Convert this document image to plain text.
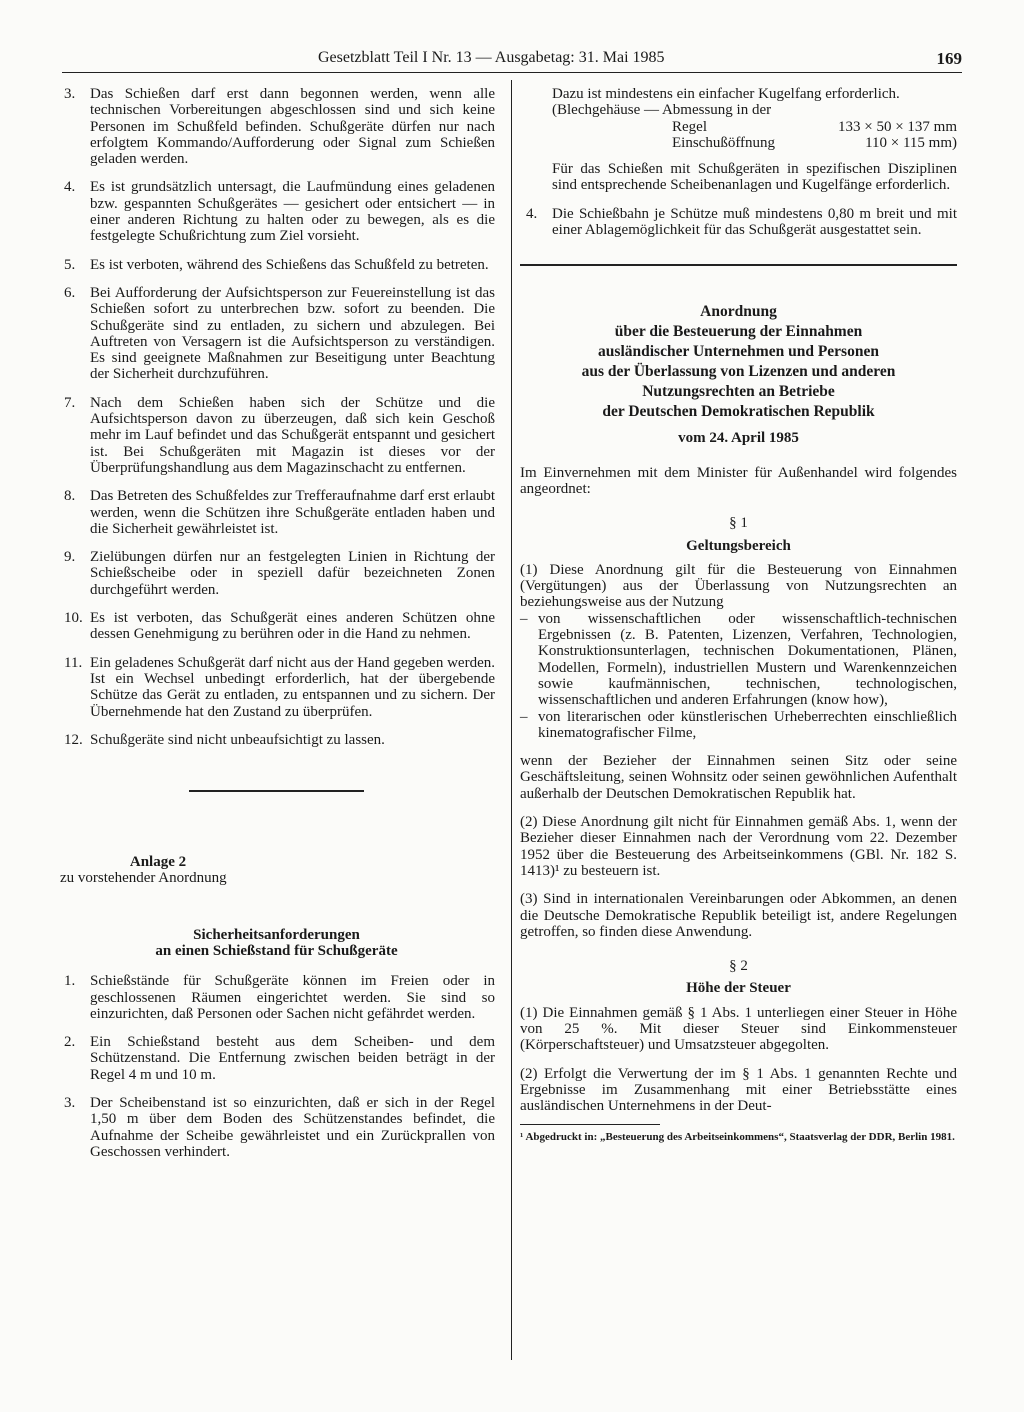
Gesetzblatt Teil I Nr. 13 — Ausgabetag: 31. Mai 1985	169
3. Das Schießen darf erst dann begonnen werden, wenn alle technischen Vorbereitungen abgeschlossen sind und sich keine Personen im Schußfeld befinden. Schußgeräte dürfen nur nach erfolgtem Kommando/Aufforderung oder Signal zum Schießen geladen werden.
4. Es ist grundsätzlich untersagt, die Laufmündung eines geladenen bzw. gespannten Schußgerätes — gesichert oder entsichert — in einer anderen Richtung zu halten oder zu bewegen, als es die festgelegte Schußrichtung zum Ziel vorsieht.
5. Es ist verboten, während des Schießens das Schußfeld zu betreten.
6. Bei Aufforderung der Aufsichtsperson zur Feuereinstellung ist das Schießen sofort zu unterbrechen bzw. sofort zu beenden. Die Schußgeräte sind zu entladen, zu sichern und abzulegen. Bei Auftreten von Versagern ist die Aufsichtsperson zu verständigen. Es sind geeignete Maßnahmen zur Beseitigung unter Beachtung der Sicherheit durchzuführen.
7. Nach dem Schießen haben sich der Schütze und die Aufsichtsperson davon zu überzeugen, daß sich kein Geschoß mehr im Lauf befindet und das Schußgerät entspannt und gesichert ist. Bei Schußgeräten mit Magazin ist dieses vor der Überprüfungshandlung aus dem Magazinschacht zu entfernen.
8. Das Betreten des Schußfeldes zur Trefferaufnahme darf erst erlaubt werden, wenn die Schützen ihre Schußgeräte entladen haben und die Sicherheit gewährleistet ist.
9. Zielübungen dürfen nur an festgelegten Linien in Richtung der Schießscheibe oder in speziell dafür bezeichneten Zonen durchgeführt werden.
10. Es ist verboten, das Schußgerät eines anderen Schützen ohne dessen Genehmigung zu berühren oder in die Hand zu nehmen.
11. Ein geladenes Schußgerät darf nicht aus der Hand gegeben werden. Ist ein Wechsel unbedingt erforderlich, hat der übergebende Schütze das Gerät zu entladen, zu entspannen und zu sichern. Der Übernehmende hat den Zustand zu überprüfen.
12. Schußgeräte sind nicht unbeaufsichtigt zu lassen.
Anlage 2
zu vorstehender Anordnung
Sicherheitsanforderungen
an einen Schießstand für Schußgeräte
1. Schießstände für Schußgeräte können im Freien oder in geschlossenen Räumen eingerichtet werden. Sie sind so einzurichten, daß Personen oder Sachen nicht gefährdet werden.
2. Ein Schießstand besteht aus dem Scheiben- und dem Schützenstand. Die Entfernung zwischen beiden beträgt in der Regel 4 m und 10 m.
3. Der Scheibenstand ist so einzurichten, daß er sich in der Regel 1,50 m über dem Boden des Schützenstandes befindet, die Aufnahme der Scheibe gewährleistet und ein Zurückprallen von Geschossen verhindert.
Dazu ist mindestens ein einfacher Kugelfang erforderlich.
(Blechgehäuse — Abmessung in der
Regel	133 × 50 × 137 mm
Einschußöffnung	110 × 115 mm)
Für das Schießen mit Schußgeräten in spezifischen Disziplinen sind entsprechende Scheibenanlagen und Kugelfänge erforderlich.
4. Die Schießbahn je Schütze muß mindestens 0,80 m breit und mit einer Ablagemöglichkeit für das Schußgerät ausgestattet sein.
Anordnung
über die Besteuerung der Einnahmen
ausländischer Unternehmen und Personen
aus der Überlassung von Lizenzen und anderen
Nutzungsrechten an Betriebe
der Deutschen Demokratischen Republik
vom 24. April 1985
Im Einvernehmen mit dem Minister für Außenhandel wird folgendes angeordnet:
§ 1
Geltungsbereich
(1) Diese Anordnung gilt für die Besteuerung von Einnahmen (Vergütungen) aus der Überlassung von Nutzungsrechten an beziehungsweise aus der Nutzung
– von wissenschaftlichen oder wissenschaftlich-technischen Ergebnissen (z. B. Patenten, Lizenzen, Verfahren, Technologien, Konstruktionsunterlagen, technischen Dokumentationen, Plänen, Modellen, Formeln), industriellen Mustern und Warenkennzeichen sowie kaufmännischen, technischen, technologischen, wissenschaftlichen und anderen Erfahrungen (know how),
– von literarischen oder künstlerischen Urheberrechten einschließlich kinematografischer Filme,
wenn der Bezieher der Einnahmen seinen Sitz oder seine Geschäftsleitung, seinen Wohnsitz oder seinen gewöhnlichen Aufenthalt außerhalb der Deutschen Demokratischen Republik hat.
(2) Diese Anordnung gilt nicht für Einnahmen gemäß Abs. 1, wenn der Bezieher dieser Einnahmen nach der Verordnung vom 22. Dezember 1952 über die Besteuerung des Arbeitseinkommens (GBl. Nr. 182 S. 1413)¹ zu besteuern ist.
(3) Sind in internationalen Vereinbarungen oder Abkommen, an denen die Deutsche Demokratische Republik beteiligt ist, andere Regelungen getroffen, so finden diese Anwendung.
§ 2
Höhe der Steuer
(1) Die Einnahmen gemäß § 1 Abs. 1 unterliegen einer Steuer in Höhe von 25 %. Mit dieser Steuer sind Einkommensteuer (Körperschaftsteuer) und Umsatzsteuer abgegolten.
(2) Erfolgt die Verwertung der im § 1 Abs. 1 genannten Rechte und Ergebnisse im Zusammenhang mit einer Betriebsstätte eines ausländischen Unternehmens in der Deut-
¹ Abgedruckt in: „Besteuerung des Arbeitseinkommens“, Staatsverlag der DDR, Berlin 1981.
